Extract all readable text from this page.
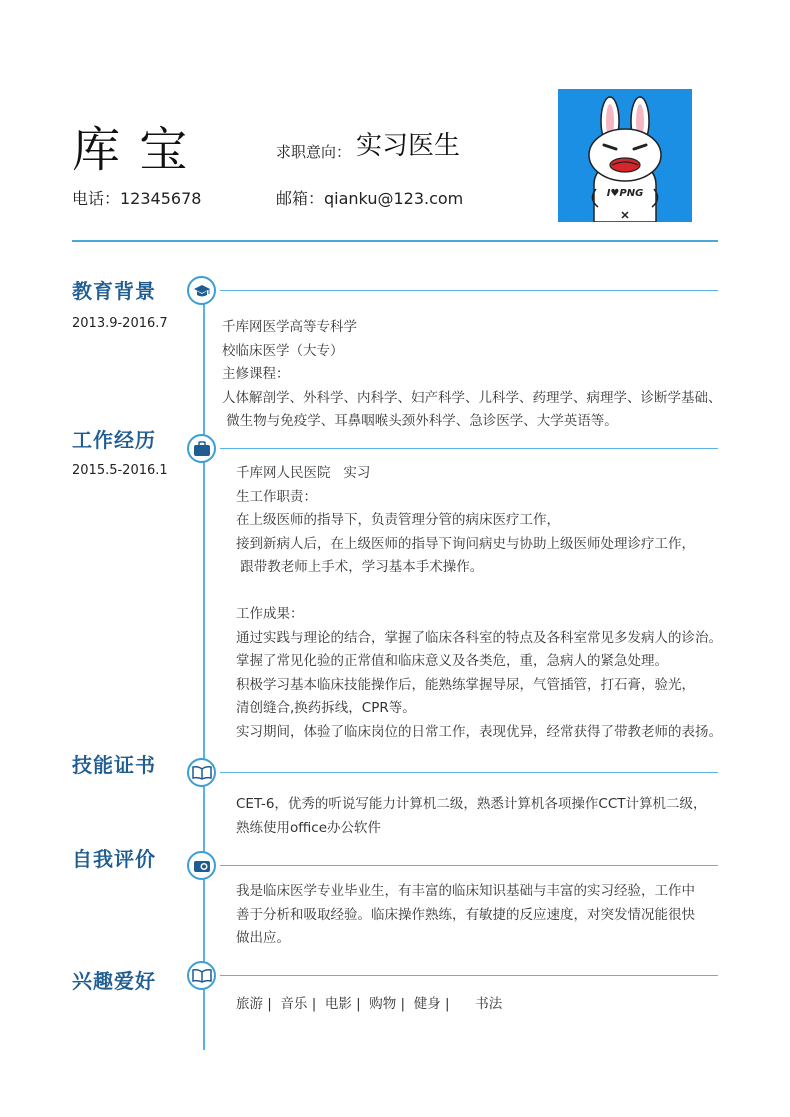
库 宝	求职意向： 实习医生
电话：12345678	邮箱：qianku@123.com	I♥PNG
教育背景
2013.9-2016.7	千库网医学高等专科学
校临床医学（大专）
主修课程：
人体解剖学、外科学、内科学、妇产科学、儿科学、药理学、病理学、诊断学基础、
微生物与免疫学、耳鼻咽喉头颈外科学、急诊医学、大学英语等。
工作经历
2015.5-2016.1	千库网人民医院   实习
生工作职责：
在上级医师的指导下，负责管理分管的病床医疗工作，
接到新病人后，在上级医师的指导下询问病史与协助上级医师处理诊疗工作，
跟带教老师上手术，学习基本手术操作。
工作成果：
通过实践与理论的结合，掌握了临床各科室的特点及各科室常见多发病人的诊治。
掌握了常见化验的正常值和临床意义及各类危，重，急病人的紧急处理。
积极学习基本临床技能操作后，能熟练掌握导尿，气管插管，打石膏，验光，
清创缝合,换药拆线，CPR等。
实习期间，体验了临床岗位的日常工作，表现优异，经常获得了带教老师的表扬。
技能证书
CET-6，优秀的听说写能力计算机二级，熟悉计算机各项操作CCT计算机二级，
熟练使用office办公软件
自我评价
我是临床医学专业毕业生，有丰富的临床知识基础与丰富的实习经验，工作中
善于分析和吸取经验。临床操作熟练，有敏捷的反应速度，对突发情况能很快
做出应。
兴趣爱好
旅游 |  音乐 |  电影 |  购物 |  健身 |      书法
